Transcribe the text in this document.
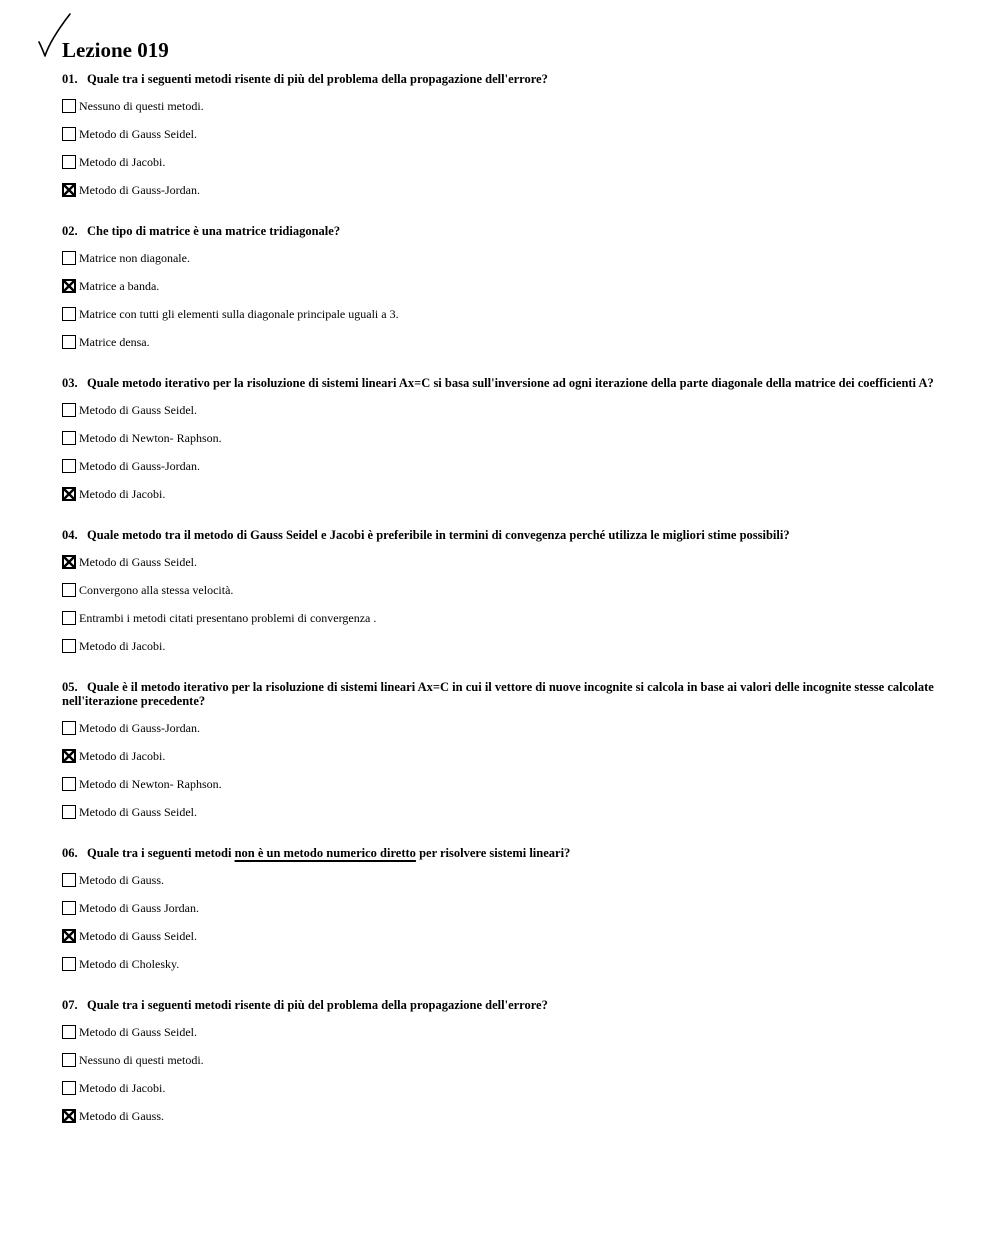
Lezione 019
01. Quale tra i seguenti metodi risente di più del problema della propagazione dell'errore?
Nessuno di questi metodi.
Metodo di Gauss Seidel.
Metodo di Jacobi.
Metodo di Gauss-Jordan.
02. Che tipo di matrice è una matrice tridiagonale?
Matrice non diagonale.
Matrice a banda.
Matrice con tutti gli elementi sulla diagonale principale uguali a 3.
Matrice densa.
03. Quale metodo iterativo per la risoluzione di sistemi lineari Ax=C si basa sull'inversione ad ogni iterazione della parte diagonale della matrice dei coefficienti A?
Metodo di Gauss Seidel.
Metodo di Newton- Raphson.
Metodo di Gauss-Jordan.
Metodo di Jacobi.
04. Quale metodo tra il metodo di Gauss Seidel e Jacobi è preferibile in termini di convegenza perché utilizza le migliori stime possibili?
Metodo di Gauss Seidel.
Convergono alla stessa velocità.
Entrambi i metodi citati presentano problemi di convergenza .
Metodo di Jacobi.
05. Quale è il metodo iterativo per la risoluzione di sistemi lineari Ax=C in cui il vettore di nuove incognite si calcola in base ai valori delle incognite stesse calcolate nell'iterazione precedente?
Metodo di Gauss-Jordan.
Metodo di Jacobi.
Metodo di Newton- Raphson.
Metodo di Gauss Seidel.
06. Quale tra i seguenti metodi non è un metodo numerico diretto per risolvere sistemi lineari?
Metodo di Gauss.
Metodo di Gauss Jordan.
Metodo di Gauss Seidel.
Metodo di Cholesky.
07. Quale tra i seguenti metodi risente di più del problema della propagazione dell'errore?
Metodo di Gauss Seidel.
Nessuno di questi metodi.
Metodo di Jacobi.
Metodo di Gauss.
